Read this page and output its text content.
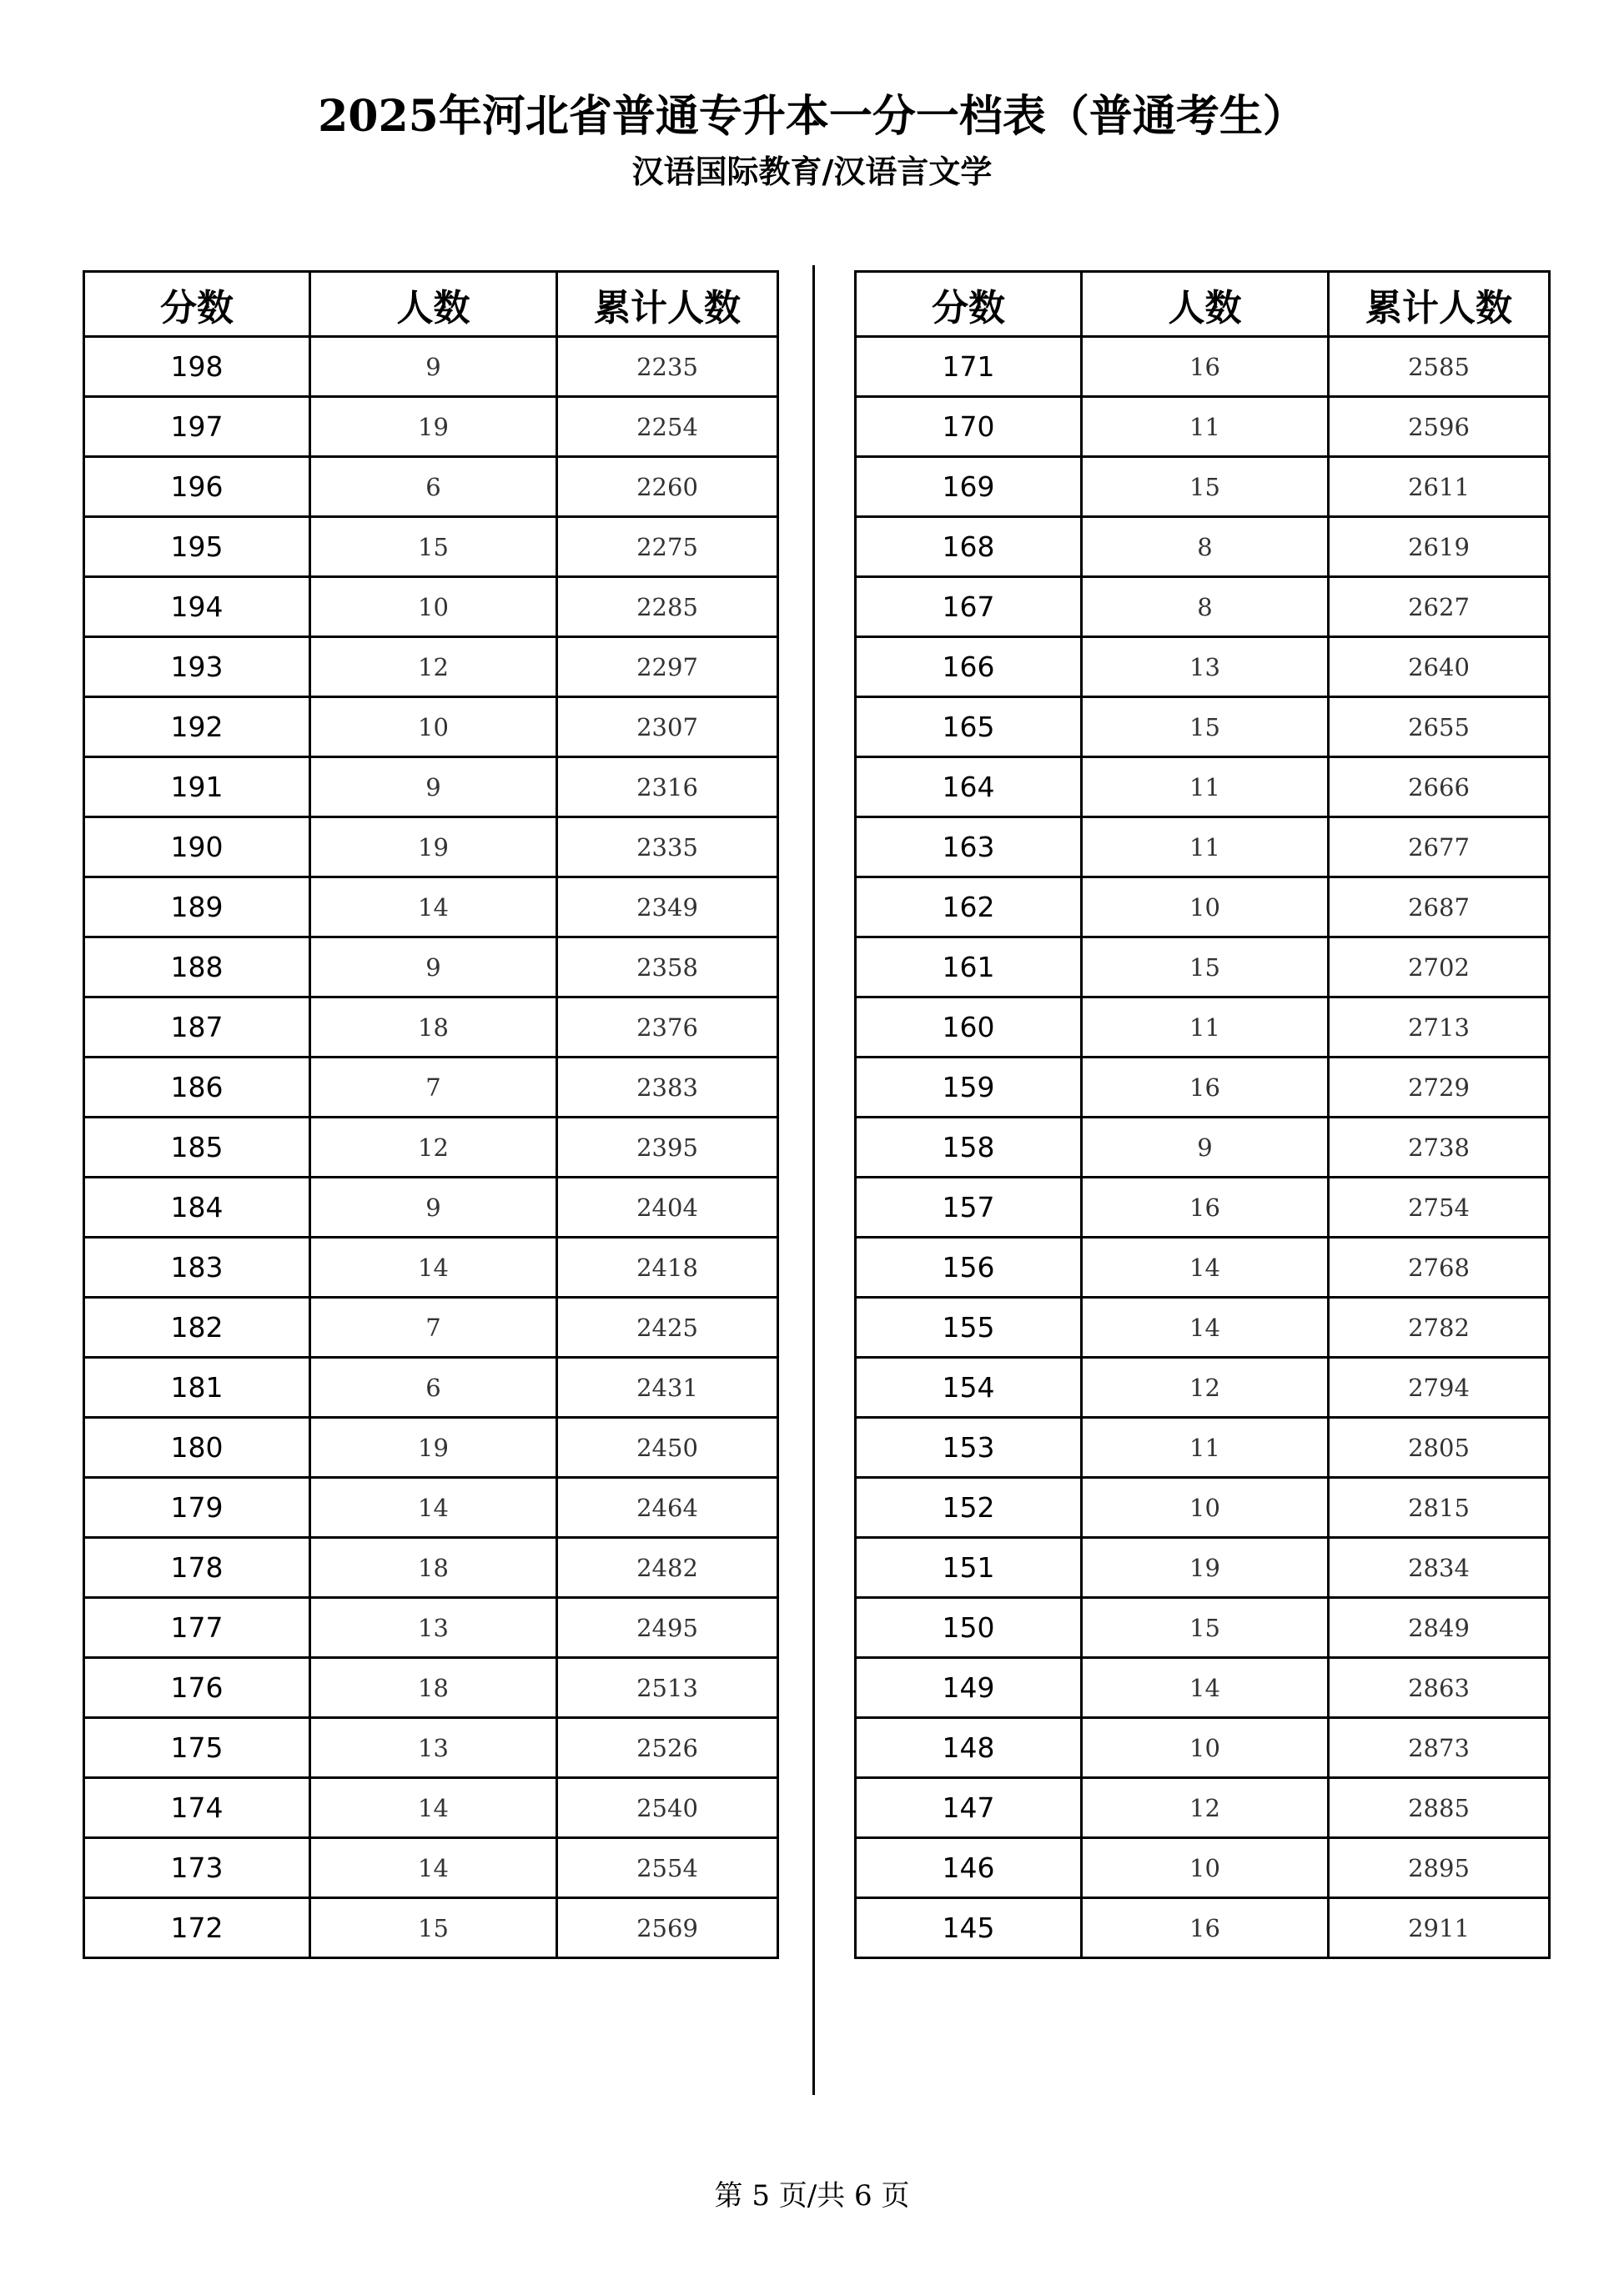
2025年河北省普通专升本一分一档表（普通考生）
汉语国际教育/汉语言文学
分数	人数	累计人数
198	9	2235
197	19	2254
196	6	2260
195	15	2275
194	10	2285
193	12	2297
192	10	2307
191	9	2316
190	19	2335
189	14	2349
188	9	2358
187	18	2376
186	7	2383
185	12	2395
184	9	2404
183	14	2418
182	7	2425
181	6	2431
180	19	2450
179	14	2464
178	18	2482
177	13	2495
176	18	2513
175	13	2526
174	14	2540
173	14	2554
172	15	2569
分数	人数	累计人数
171	16	2585
170	11	2596
169	15	2611
168	8	2619
167	8	2627
166	13	2640
165	15	2655
164	11	2666
163	11	2677
162	10	2687
161	15	2702
160	11	2713
159	16	2729
158	9	2738
157	16	2754
156	14	2768
155	14	2782
154	12	2794
153	11	2805
152	10	2815
151	19	2834
150	15	2849
149	14	2863
148	10	2873
147	12	2885
146	10	2895
145	16	2911
第 5 页/共 6 页
